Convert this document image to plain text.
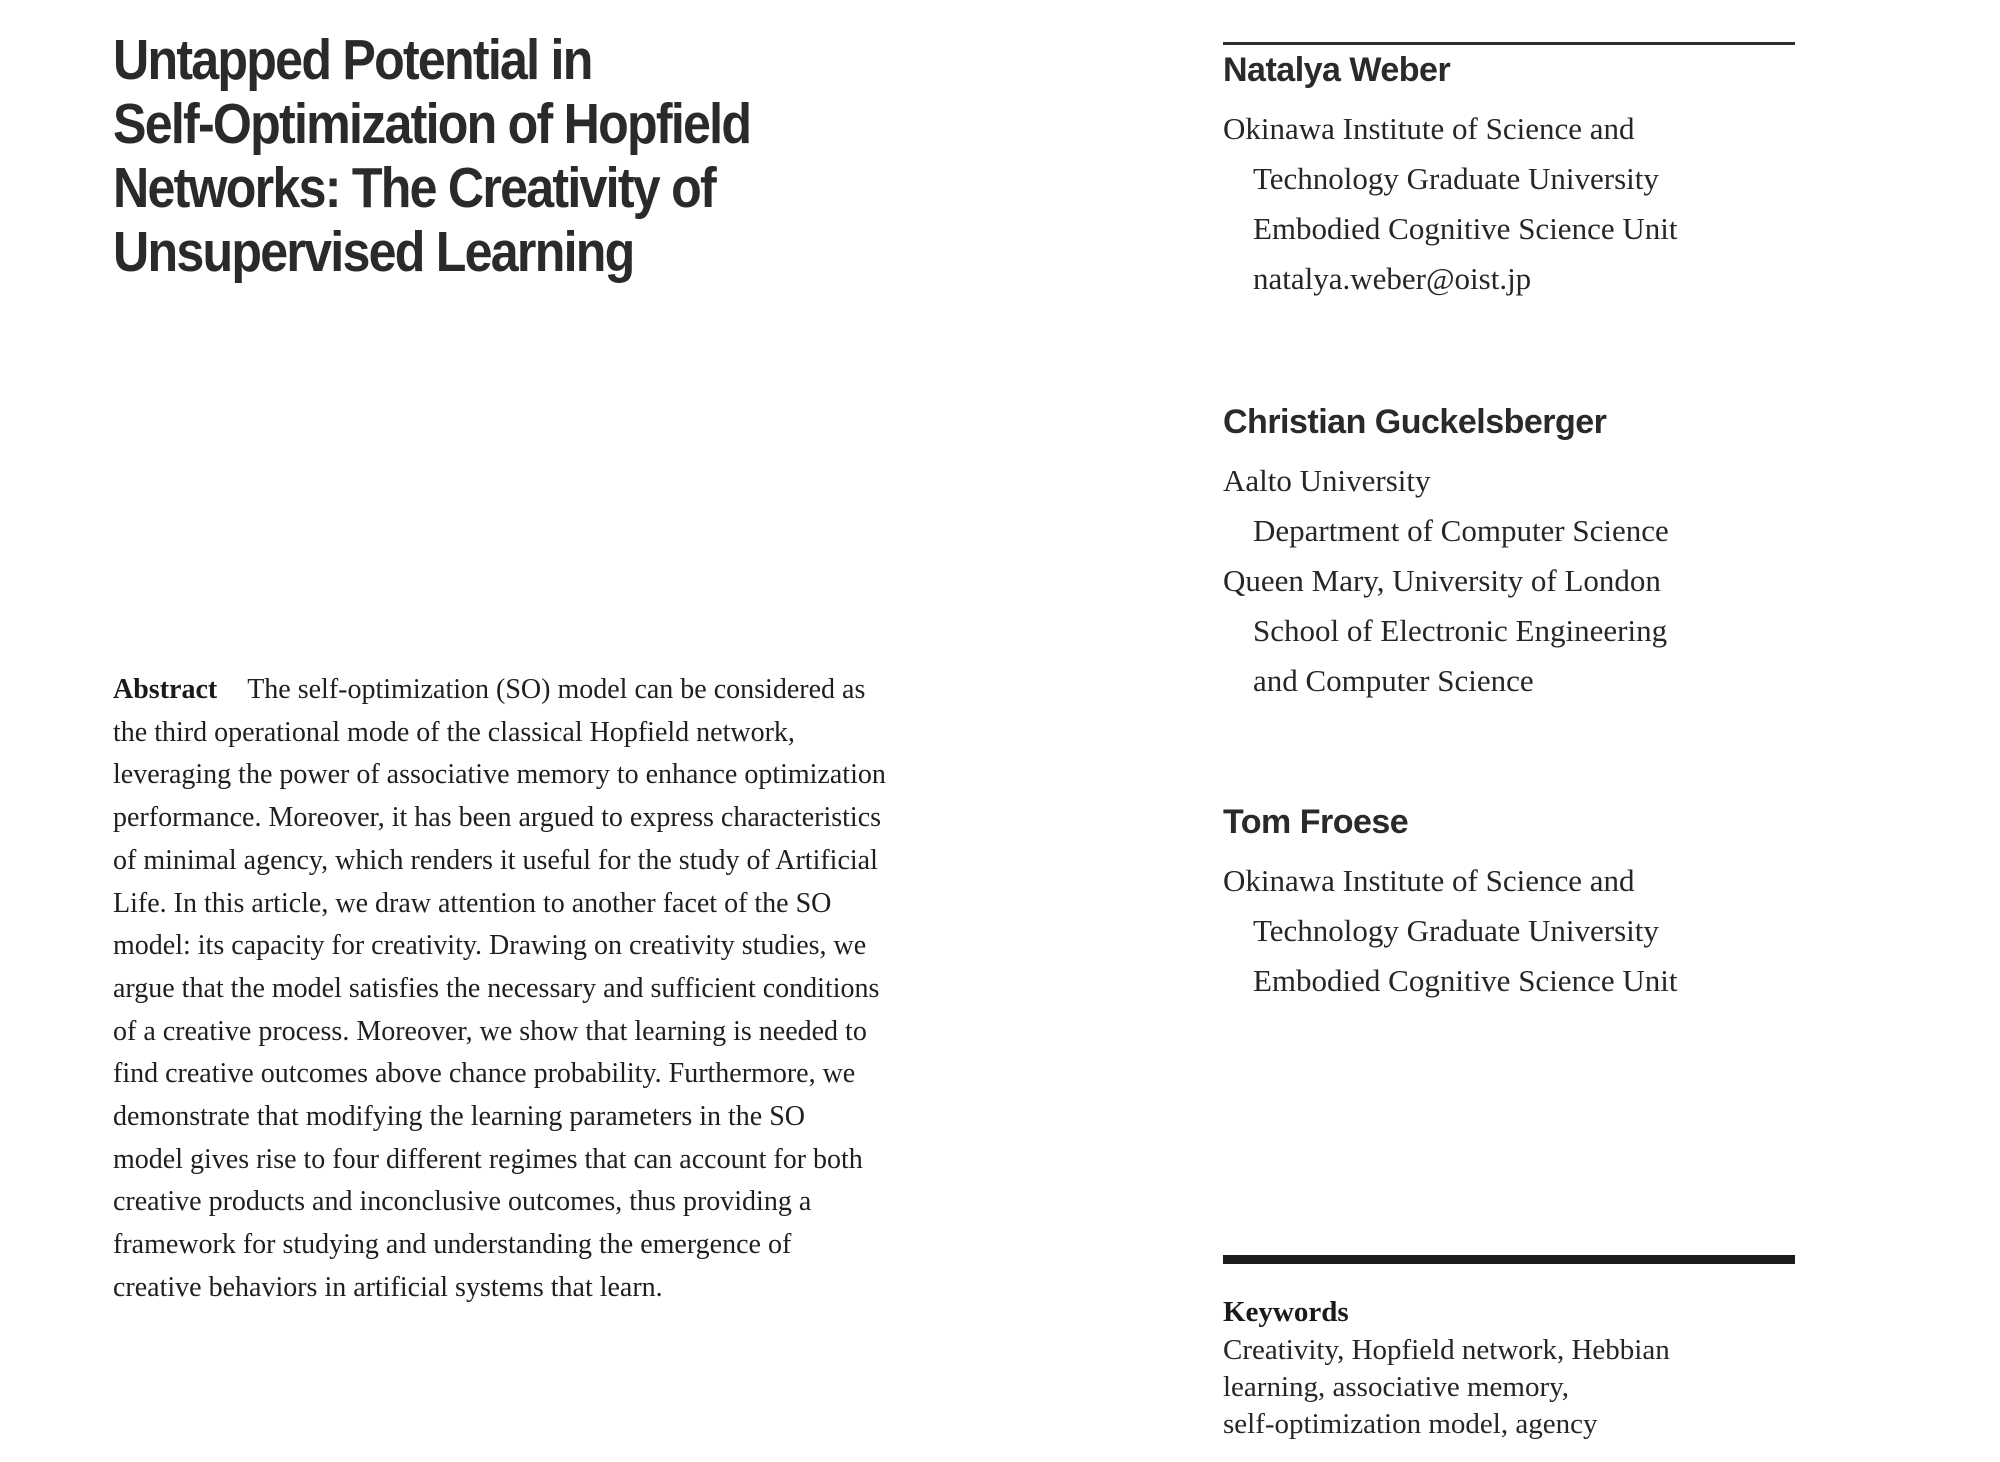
Untapped Potential in
Self-Optimization of Hopfield
Networks: The Creativity of
Unsupervised Learning
Abstract The self-optimization (SO) model can be considered as
the third operational mode of the classical Hopfield network,
leveraging the power of associative memory to enhance optimization
performance. Moreover, it has been argued to express characteristics
of minimal agency, which renders it useful for the study of Artificial
Life. In this article, we draw attention to another facet of the SO
model: its capacity for creativity. Drawing on creativity studies, we
argue that the model satisfies the necessary and sufficient conditions
of a creative process. Moreover, we show that learning is needed to
find creative outcomes above chance probability. Furthermore, we
demonstrate that modifying the learning parameters in the SO
model gives rise to four different regimes that can account for both
creative products and inconclusive outcomes, thus providing a
framework for studying and understanding the emergence of
creative behaviors in artificial systems that learn.
Natalya Weber
Okinawa Institute of Science and
Technology Graduate University
Embodied Cognitive Science Unit
natalya.weber@oist.jp
Christian Guckelsberger
Aalto University
Department of Computer Science
Queen Mary, University of London
School of Electronic Engineering
and Computer Science
Tom Froese
Okinawa Institute of Science and
Technology Graduate University
Embodied Cognitive Science Unit
Keywords
Creativity, Hopfield network, Hebbian
learning, associative memory,
self-optimization model, agency
